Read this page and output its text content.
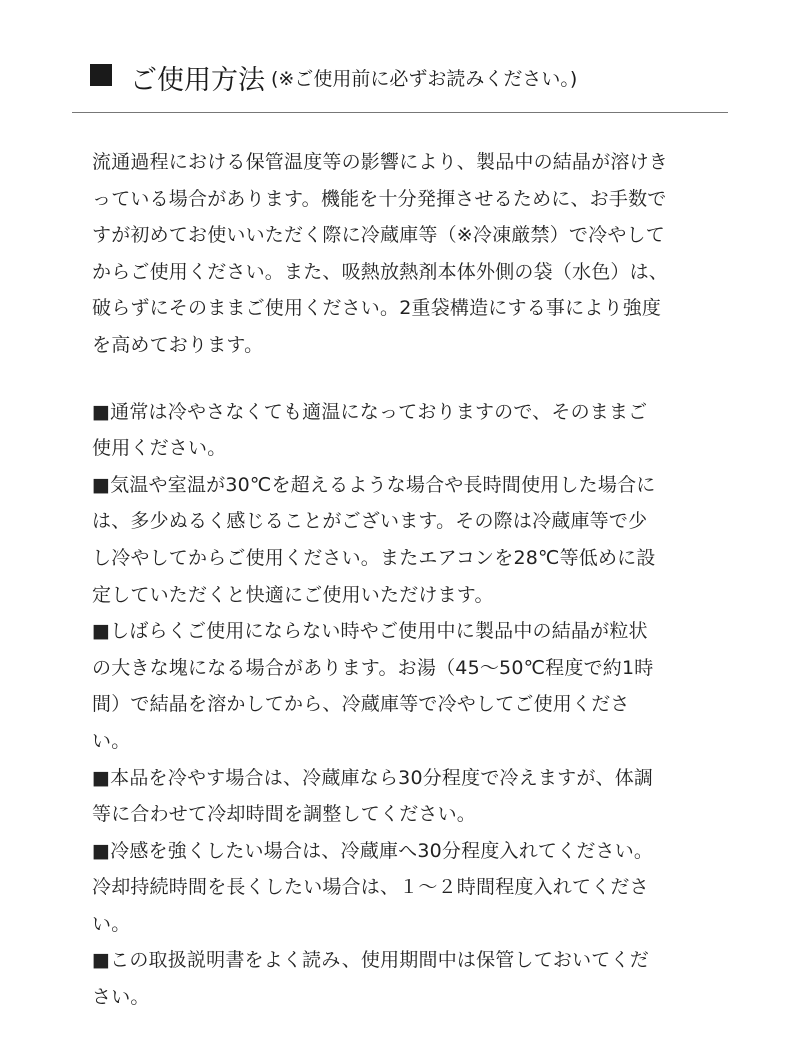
ご使用方法 (※ご使用前に必ずお読みください。)

流通過程における保管温度等の影響により、製品中の結晶が溶けき
っている場合があります。機能を十分発揮させるために、お手数で
すが初めてお使いいただく際に冷蔵庫等（※冷凍厳禁）で冷やして
からご使用ください。また、吸熱放熱剤本体外側の袋（水色）は、
破らずにそのままご使用ください。2重袋構造にする事により強度
を高めております。

■通常は冷やさなくても適温になっておりますので、そのままご
使用ください。

■気温や室温が30℃を超えるような場合や長時間使用した場合に
は、多少ぬるく感じることがございます。その際は冷蔵庫等で少
し冷やしてからご使用ください。またエアコンを28℃等低めに設
定していただくと快適にご使用いただけます。

■しばらくご使用にならない時やご使用中に製品中の結晶が粒状
の大きな塊になる場合があります。お湯（45〜50℃程度で約1時
間）で結晶を溶かしてから、冷蔵庫等で冷やしてご使用くださ
い。

■本品を冷やす場合は、冷蔵庫なら30分程度で冷えますが、体調
等に合わせて冷却時間を調整してください。

■冷感を強くしたい場合は、冷蔵庫へ30分程度入れてください。
冷却持続時間を長くしたい場合は、１〜２時間程度入れてくださ
い。

■この取扱説明書をよく読み、使用期間中は保管しておいてくだ
さい。
